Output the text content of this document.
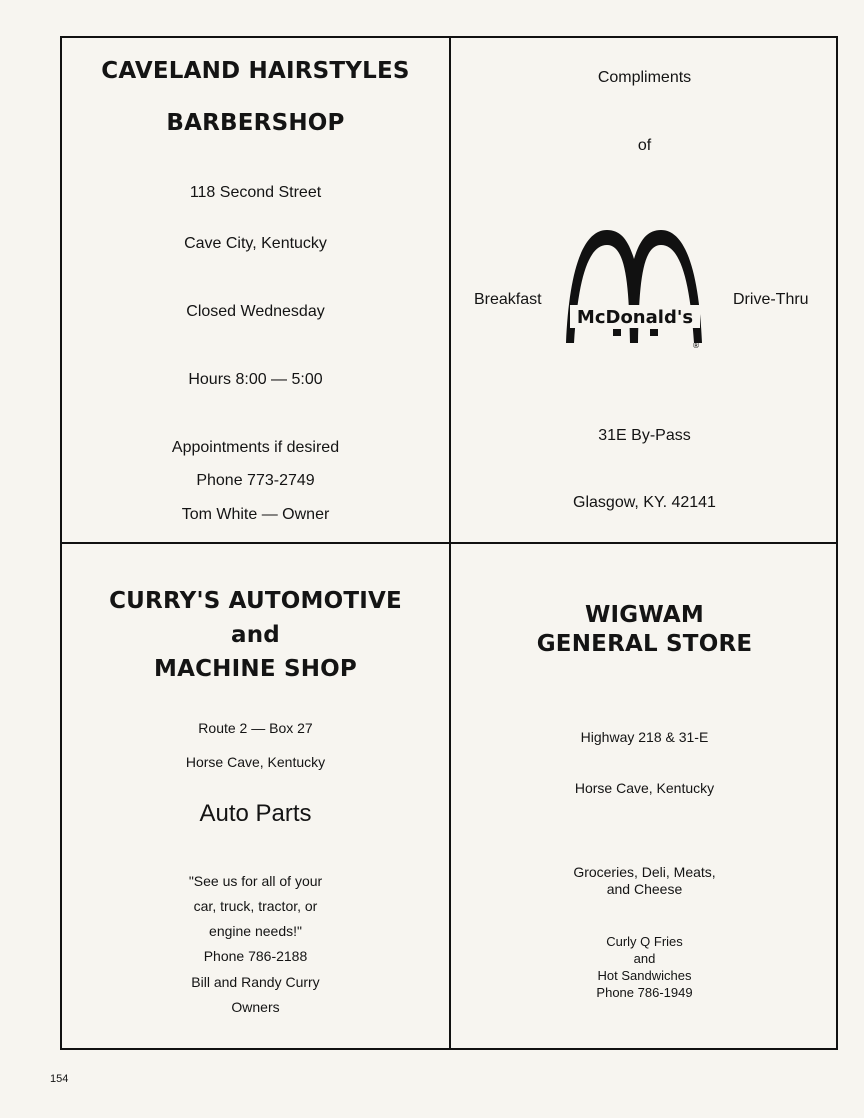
CAVELAND HAIRSTYLES
BARBERSHOP
118 Second Street
Cave City, Kentucky
Closed Wednesday
Hours 8:00 — 5:00
Appointments if desired
Phone 773-2749
Tom White — Owner
Compliments
of
Breakfast	Drive-Thru
McDonald's
®
31E By-Pass
Glasgow, KY. 42141
CURRY'S AUTOMOTIVE
and
MACHINE SHOP
Route 2 — Box 27
Horse Cave, Kentucky
Auto Parts
"See us for all of your
car, truck, tractor, or
engine needs!"
Phone 786-2188
Bill and Randy Curry
Owners
WIGWAM
GENERAL STORE
Highway 218 & 31-E
Horse Cave, Kentucky
Groceries, Deli, Meats,
and Cheese
Curly Q Fries
and
Hot Sandwiches
Phone 786-1949
154
